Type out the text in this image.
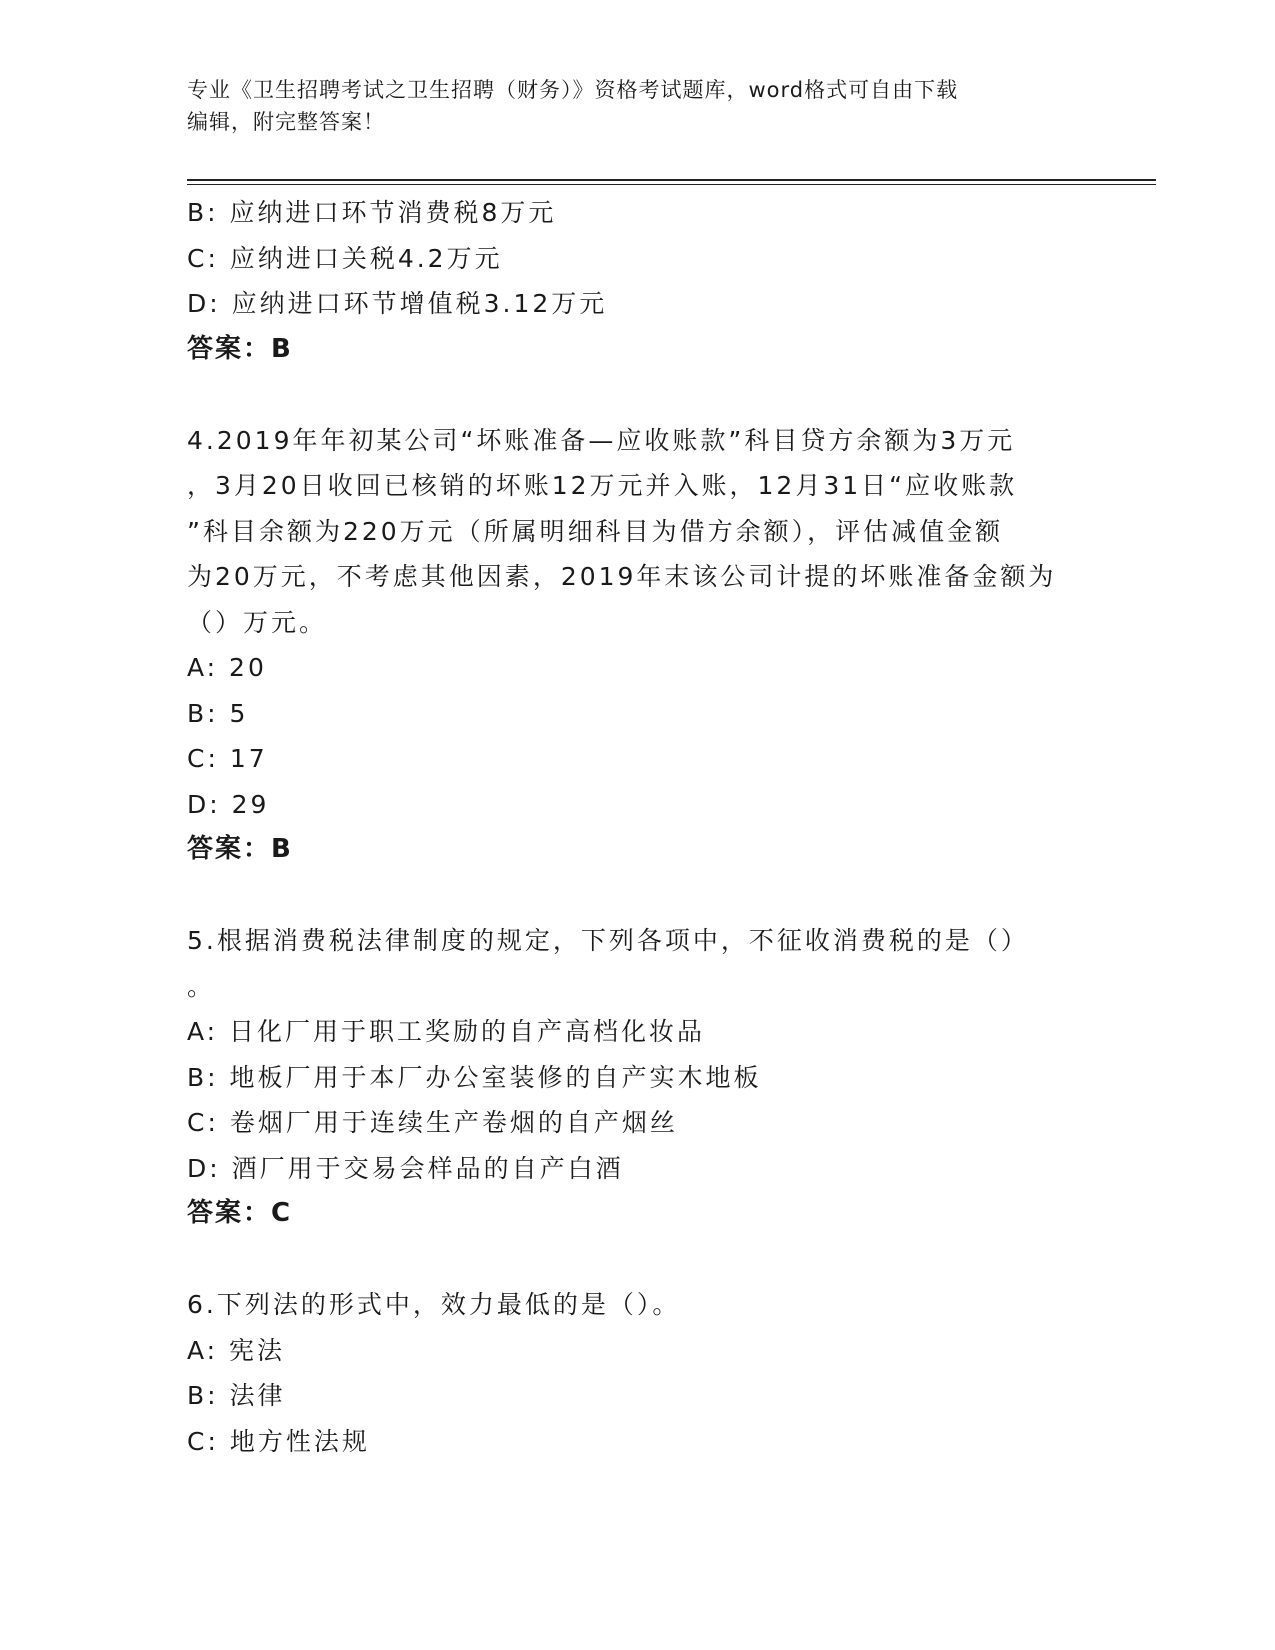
专业《卫生招聘考试之卫生招聘（财务）》资格考试题库，word格式可自由下载
编辑，附完整答案！
B: 应纳进口环节消费税8万元
C: 应纳进口关税4.2万元
D: 应纳进口环节增值税3.12万元
答案：B
4.2019年年初某公司“坏账准备—应收账款”科目贷方余额为3万元
，3月20日收回已核销的坏账12万元并入账，12月31日“应收账款
”科目余额为220万元（所属明细科目为借方余额），评估减值金额
为20万元，不考虑其他因素，2019年末该公司计提的坏账准备金额为
（）万元。
A: 20
B: 5
C: 17
D: 29
答案：B
5.根据消费税法律制度的规定，下列各项中，不征收消费税的是（）
。
A: 日化厂用于职工奖励的自产高档化妆品
B: 地板厂用于本厂办公室装修的自产实木地板
C: 卷烟厂用于连续生产卷烟的自产烟丝
D: 酒厂用于交易会样品的自产白酒
答案：C
6.下列法的形式中，效力最低的是（）。
A: 宪法
B: 法律
C: 地方性法规
